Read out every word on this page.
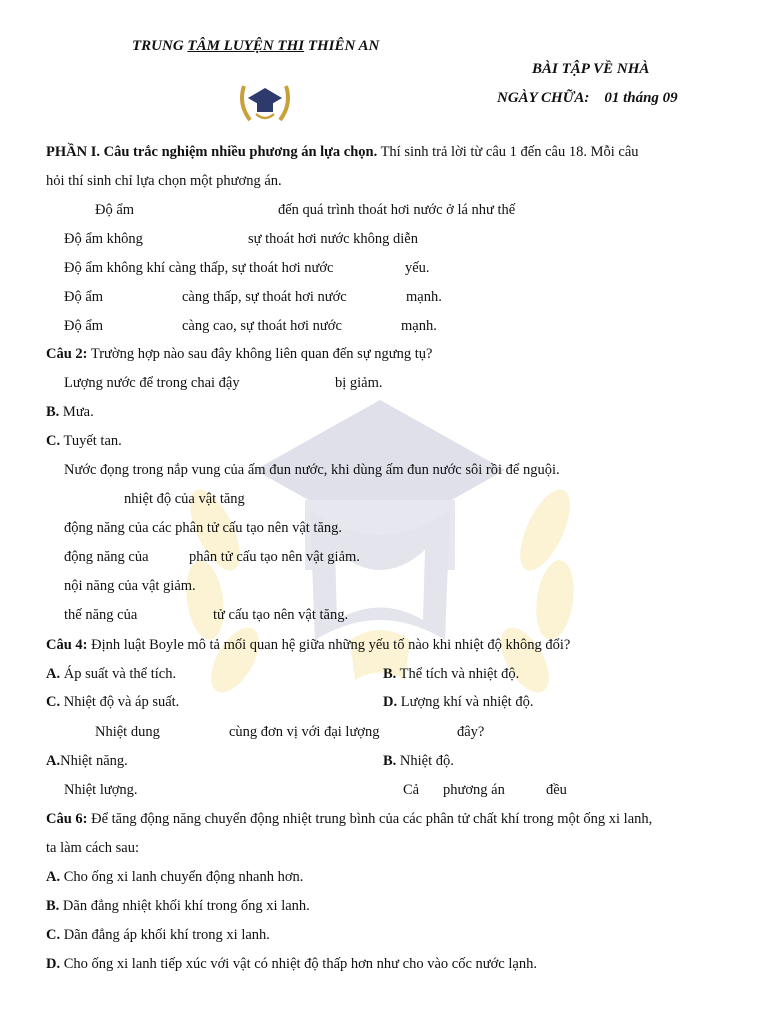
TRUNG TÂM LUYỆN THI THIÊN AN
BÀI TẬP VỀ NHÀ
NGÀY CHỮA: 01 tháng 09
PHẦN I. Câu trắc nghiệm nhiều phương án lựa chọn. Thí sinh trả lời từ câu 1 đến câu 18. Mỗi câu
hỏi thí sinh chỉ lựa chọn một phương án.
Độ ẩm	đến quá trình thoát hơi nước ở lá như thế
Độ ẩm không	sự thoát hơi nước không diễn
Độ ẩm không khí càng thấp, sự thoát hơi nước	yếu.
Độ ẩm	càng thấp, sự thoát hơi nước	mạnh.
Độ ẩm	càng cao, sự thoát hơi nước	mạnh.
Câu 2: Trường hợp nào sau đây không liên quan đến sự ngưng tụ?
Lượng nước để trong chai đậy	bị giảm.
B. Mưa.
C. Tuyết tan.
Nước đọng trong nắp vung của ấm đun nước, khi dùng ấm đun nước sôi rồi để nguội.
nhiệt độ của vật tăng
động năng của các phân tử cấu tạo nên vật tăng.
động năng của	phân tử cấu tạo nên vật giảm.
nội năng của vật giảm.
thế năng của	tử cấu tạo nên vật tăng.
Câu 4: Định luật Boyle mô tả mối quan hệ giữa những yếu tố nào khi nhiệt độ không đổi?
A. Áp suất và thể tích.	B. Thể tích và nhiệt độ.
C. Nhiệt độ và áp suất.	D. Lượng khí và nhiệt độ.
Nhiệt dung	cùng đơn vị với đại lượng	đây?
A.Nhiệt năng.	B. Nhiệt độ.
Nhiệt lượng.	Cả phương án	đều
Câu 6: Để tăng động năng chuyển động nhiệt trung bình của các phân tử chất khí trong một ống xi lanh,
ta làm cách sau:
A. Cho ống xi lanh chuyển động nhanh hơn.
B. Dãn đẳng nhiệt khối khí trong ống xi lanh.
C. Dãn đẳng áp khối khí trong xi lanh.
D. Cho ống xi lanh tiếp xúc với vật có nhiệt độ thấp hơn như cho vào cốc nước lạnh.
